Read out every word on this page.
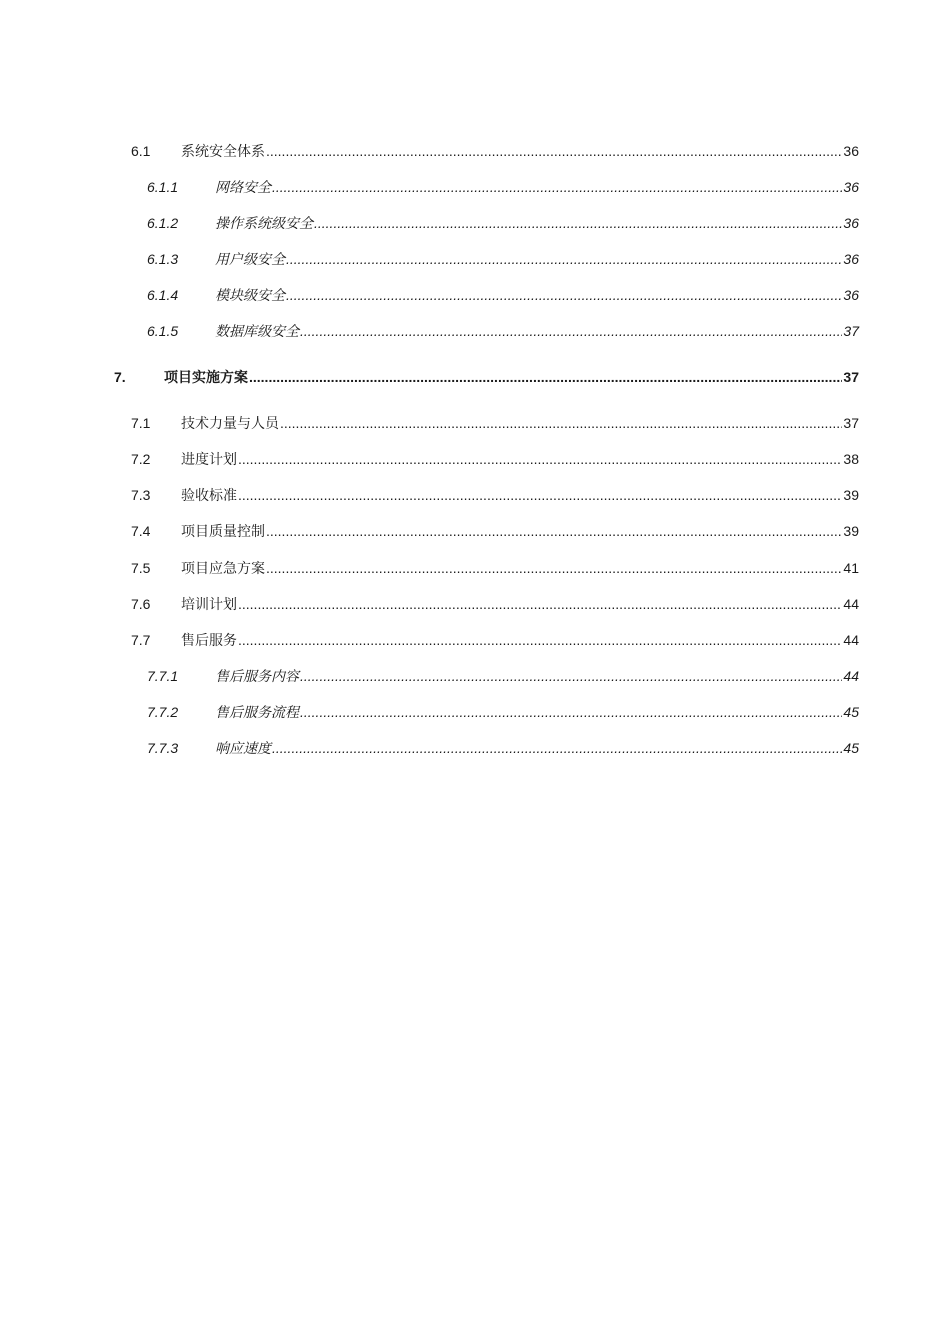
6.1	系统安全体系 .....	36
6.1.1	网络安全 .....	36
6.1.2	操作系统级安全 .....	36
6.1.3	用户级安全 .....	36
6.1.4	模块级安全 .....	36
6.1.5	数据库级安全 .....	37
7.	项目实施方案 .....	37
7.1	技术力量与人员 .....	37
7.2	进度计划 .....	38
7.3	验收标准 .....	39
7.4	项目质量控制 .....	39
7.5	项目应急方案 .....	41
7.6	培训计划 .....	44
7.7	售后服务 .....	44
7.7.1	售后服务内容 .....	44
7.7.2	售后服务流程 .....	45
7.7.3	响应速度 .....	45
